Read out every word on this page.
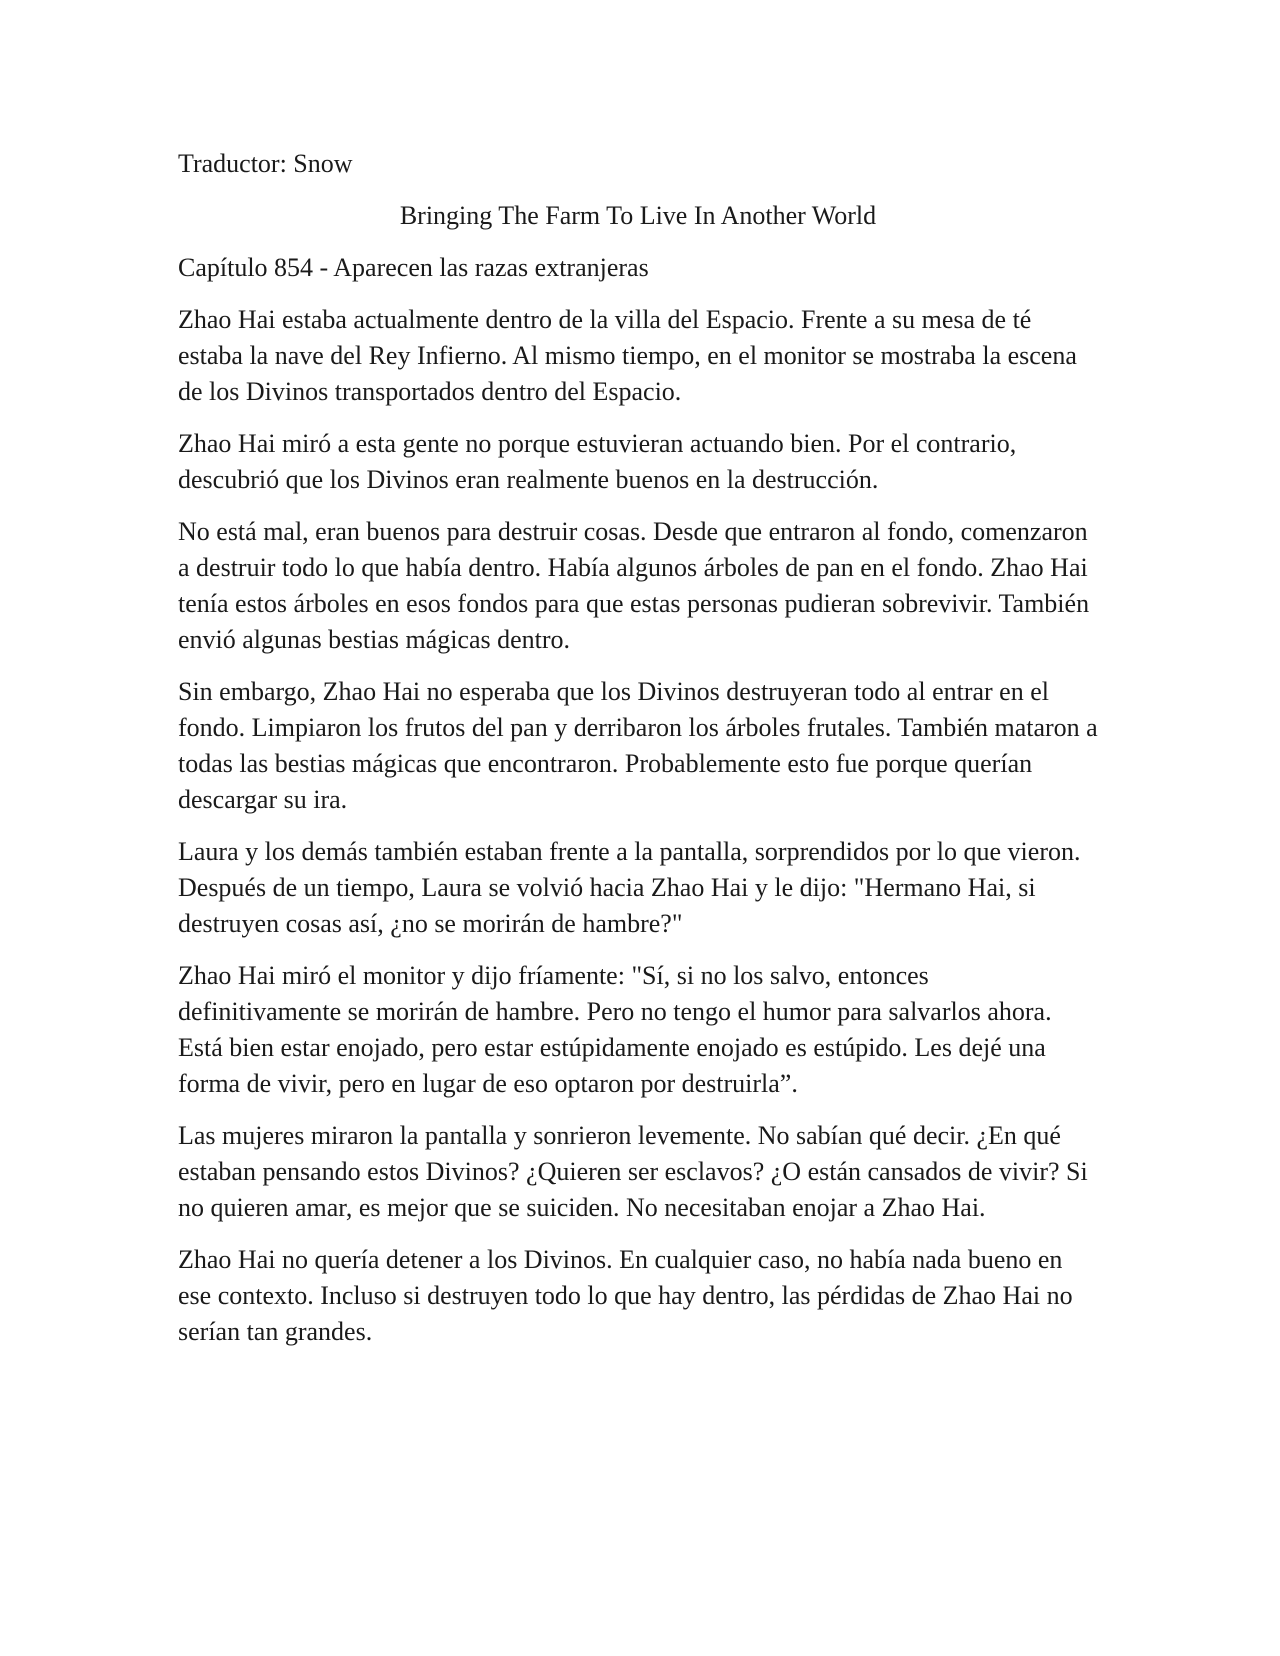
Traductor: Snow
Bringing The Farm To Live In Another World
Capítulo 854 - Aparecen las razas extranjeras

Zhao Hai estaba actualmente dentro de la villa del Espacio. Frente a su mesa de té estaba la nave del Rey Infierno. Al mismo tiempo, en el monitor se mostraba la escena de los Divinos transportados dentro del Espacio.

Zhao Hai miró a esta gente no porque estuvieran actuando bien. Por el contrario, descubrió que los Divinos eran realmente buenos en la destrucción.

No está mal, eran buenos para destruir cosas. Desde que entraron al fondo, comenzaron a destruir todo lo que había dentro. Había algunos árboles de pan en el fondo. Zhao Hai tenía estos árboles en esos fondos para que estas personas pudieran sobrevivir. También envió algunas bestias mágicas dentro.

Sin embargo, Zhao Hai no esperaba que los Divinos destruyeran todo al entrar en el fondo. Limpiaron los frutos del pan y derribaron los árboles frutales. También mataron a todas las bestias mágicas que encontraron. Probablemente esto fue porque querían descargar su ira.

Laura y los demás también estaban frente a la pantalla, sorprendidos por lo que vieron. Después de un tiempo, Laura se volvió hacia Zhao Hai y le dijo: "Hermano Hai, si destruyen cosas así, ¿no se morirán de hambre?"

Zhao Hai miró el monitor y dijo fríamente: "Sí, si no los salvo, entonces definitivamente se morirán de hambre. Pero no tengo el humor para salvarlos ahora. Está bien estar enojado, pero estar estúpidamente enojado es estúpido. Les dejé una forma de vivir, pero en lugar de eso optaron por destruirla”.

Las mujeres miraron la pantalla y sonrieron levemente. No sabían qué decir. ¿En qué estaban pensando estos Divinos? ¿Quieren ser esclavos? ¿O están cansados de vivir? Si no quieren amar, es mejor que se suiciden. No necesitaban enojar a Zhao Hai.

Zhao Hai no quería detener a los Divinos. En cualquier caso, no había nada bueno en ese contexto. Incluso si destruyen todo lo que hay dentro, las pérdidas de Zhao Hai no serían tan grandes.
